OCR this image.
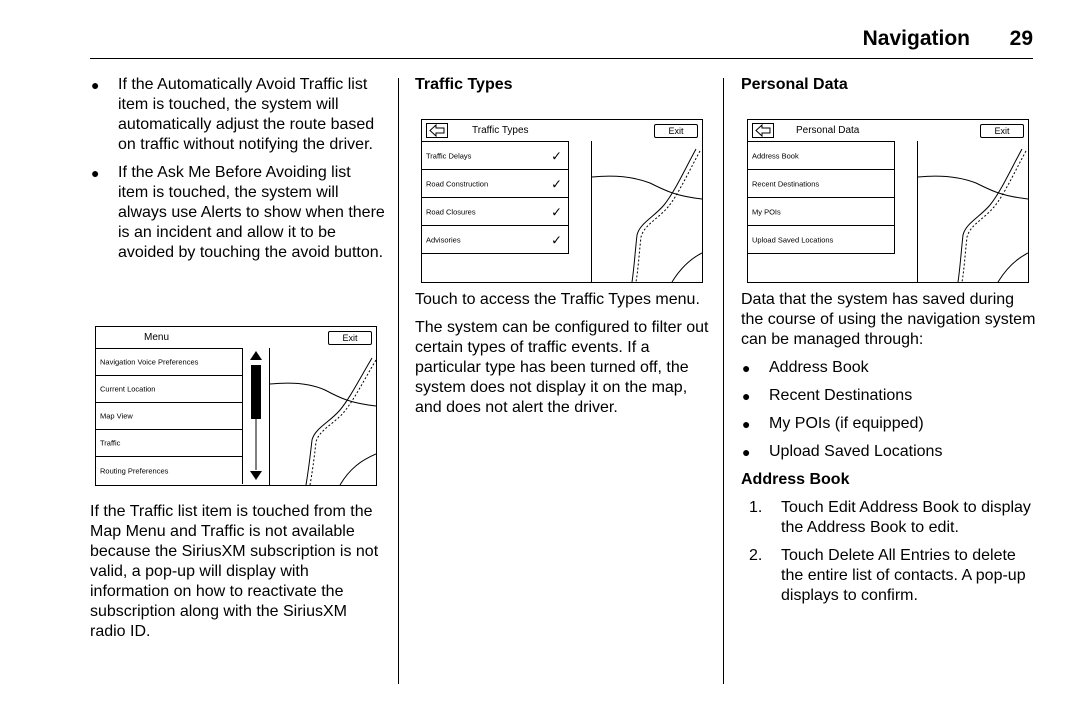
Navigation	29
● If the Automatically Avoid Traffic list item is touched, the system will automatically adjust the route based on traffic without notifying the driver.
● If the Ask Me Before Avoiding list item is touched, the system will always use Alerts to show when there is an incident and allow it to be avoided by touching the avoid button.
Menu	Exit
Navigation Voice Preferences
Current Location
Map View
Traffic
Routing Preferences

If the Traffic list item is touched from the Map Menu and Traffic is not available because the SiriusXM subscription is not valid, a pop-up will display with information on how to reactivate the subscription along with the SiriusXM radio ID.

Traffic Types

Traffic Types	Exit
Traffic Delays	✓
Road Construction	✓
Road Closures	✓
Advisories	✓

Touch to access the Traffic Types menu.

The system can be configured to filter out certain types of traffic events. If a particular type has been turned off, the system does not display it on the map, and does not alert the driver.

Personal Data

Personal Data	Exit
Address Book
Recent Destinations
My POIs
Upload Saved Locations

Data that the system has saved during the course of using the navigation system can be managed through:

● Address Book
● Recent Destinations
● My POIs (if equipped)
● Upload Saved Locations

Address Book

1. Touch Edit Address Book to display the Address Book to edit.
2. Touch Delete All Entries to delete the entire list of contacts. A pop-up displays to confirm.
